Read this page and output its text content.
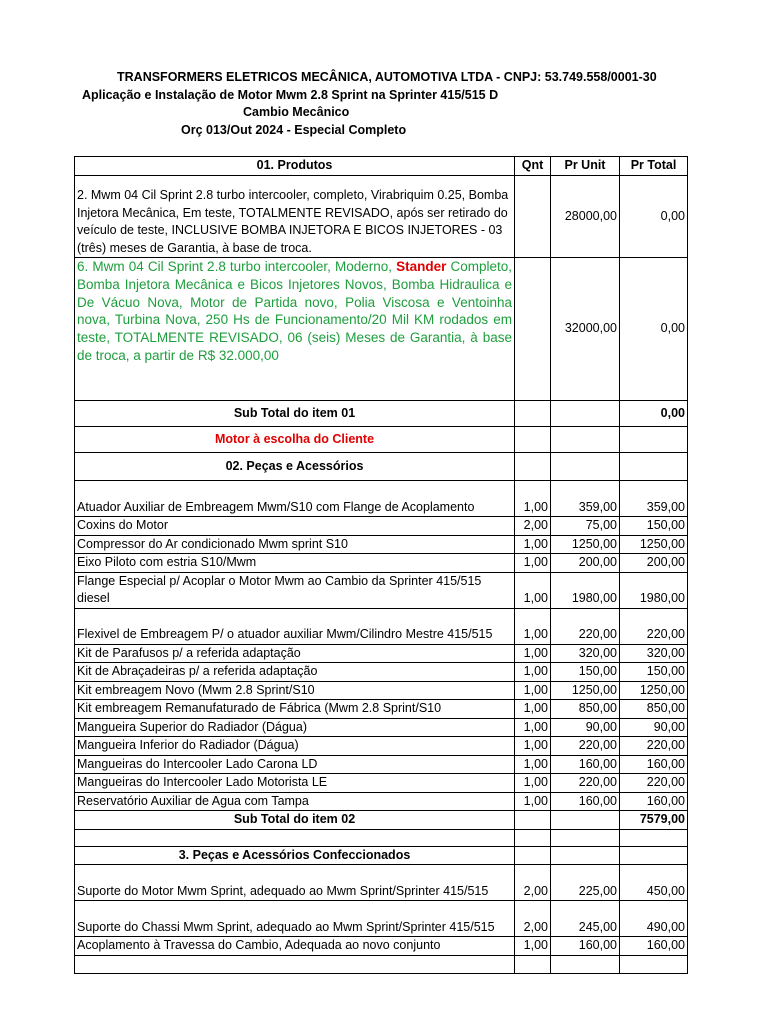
TRANSFORMERS ELETRICOS MECÂNICA, AUTOMOTIVA LTDA - CNPJ: 53.749.558/0001-30
Aplicação e Instalação de Motor Mwm 2.8 Sprint na Sprinter 415/515 D
Cambio Mecânico
Orç 013/Out 2024 - Especial Completo
01. Produtos	Qnt	Pr Unit	Pr Total
2. Mwm 04 Cil Sprint 2.8 turbo intercooler, completo, Virabriquim 0.25, Bomba Injetora Mecânica, Em teste, TOTALMENTE REVISADO, após ser retirado do veículo de teste, INCLUSIVE BOMBA INJETORA E BICOS INJETORES - 03 (três) meses de Garantia, à base de troca.		28000,00	0,00
6. Mwm 04 Cil Sprint 2.8 turbo intercooler, Moderno, Stander Completo, Bomba Injetora Mecânica e Bicos Injetores Novos, Bomba Hidraulica e De Vácuo Nova, Motor de Partida novo, Polia Viscosa e Ventoinha nova, Turbina Nova, 250 Hs de Funcionamento/20 Mil KM rodados em teste, TOTALMENTE REVISADO, 06 (seis) Meses de Garantia, à base de troca, a partir de R$ 32.000,00		32000,00	0,00
Sub Total do item 01			0,00
Motor à escolha do Cliente			
02. Peças e Acessórios			
Atuador Auxiliar de Embreagem Mwm/S10 com Flange de Acoplamento	1,00	359,00	359,00
Coxins do Motor	2,00	75,00	150,00
Compressor do Ar condicionado Mwm sprint S10	1,00	1250,00	1250,00
Eixo Piloto com estria S10/Mwm	1,00	200,00	200,00
Flange Especial p/ Acoplar o Motor Mwm ao Cambio da Sprinter 415/515 diesel	1,00	1980,00	1980,00
Flexivel de Embreagem P/ o atuador auxiliar Mwm/Cilindro Mestre 415/515	1,00	220,00	220,00
Kit de Parafusos p/ a referida adaptação	1,00	320,00	320,00
Kit de Abraçadeiras p/ a referida adaptação	1,00	150,00	150,00
Kit embreagem Novo (Mwm 2.8 Sprint/S10	1,00	1250,00	1250,00
Kit embreagem Remanufaturado de Fábrica (Mwm 2.8 Sprint/S10	1,00	850,00	850,00
Mangueira Superior do Radiador (Dágua)	1,00	90,00	90,00
Mangueira Inferior do Radiador (Dágua)	1,00	220,00	220,00
Mangueiras do Intercooler Lado Carona LD	1,00	160,00	160,00
Mangueiras do Intercooler Lado Motorista LE	1,00	220,00	220,00
Reservatório Auxiliar de Agua com Tampa	1,00	160,00	160,00
Sub Total do item 02			7579,00

3. Peças e Acessórios Confeccionados			
Suporte do Motor Mwm Sprint, adequado ao Mwm Sprint/Sprinter 415/515	2,00	225,00	450,00
Suporte do Chassi Mwm Sprint, adequado ao Mwm Sprint/Sprinter 415/515	2,00	245,00	490,00
Acoplamento à Travessa do Cambio, Adequada ao novo conjunto	1,00	160,00	160,00
